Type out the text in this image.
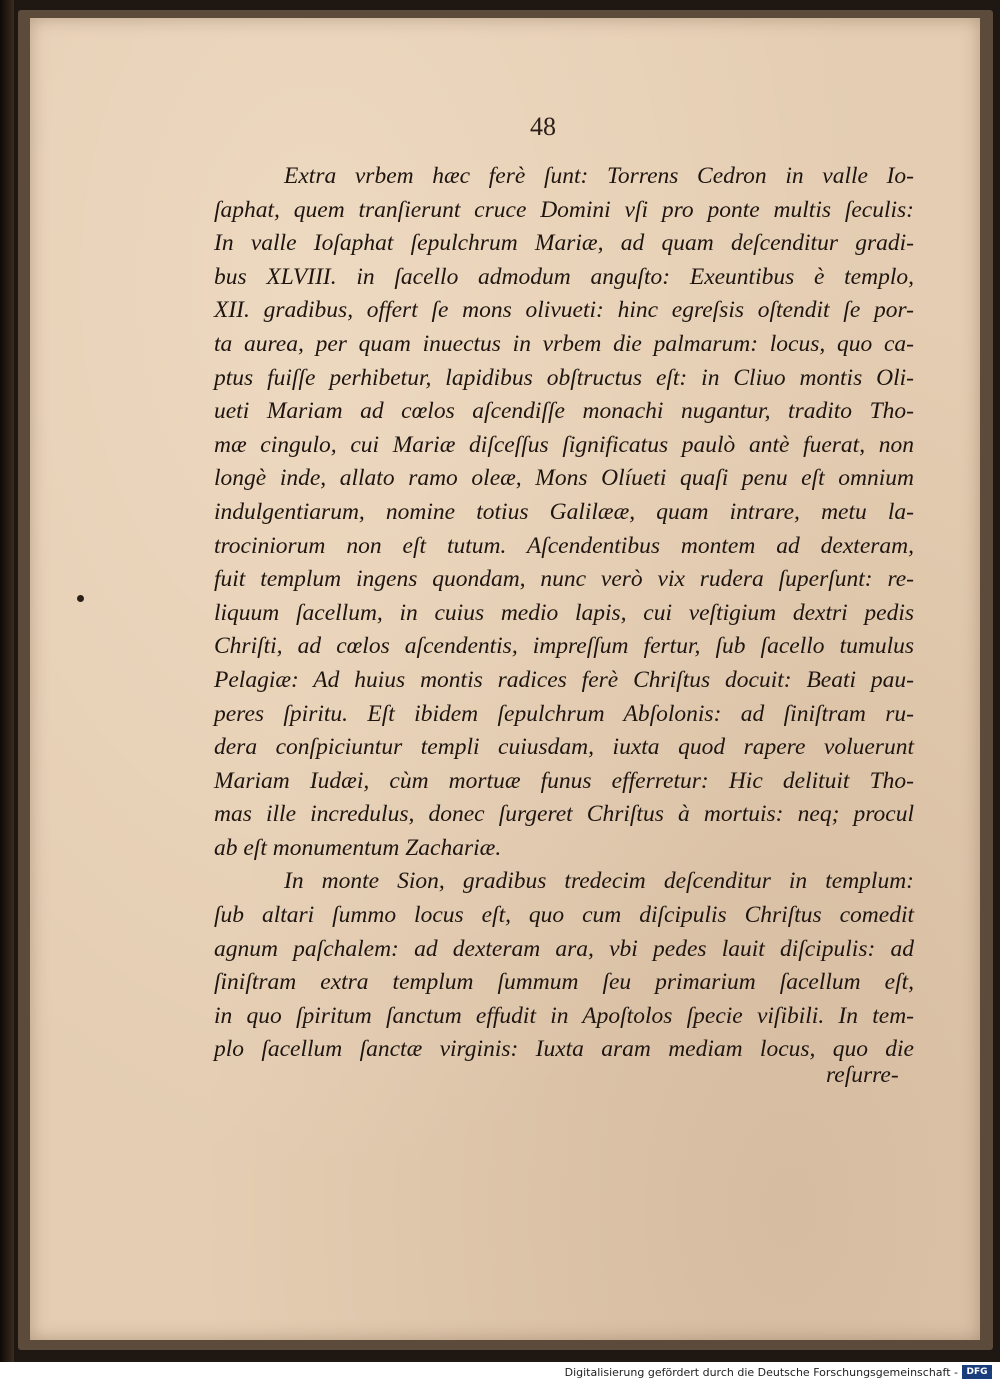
48
Extra vrbem hæc ferè ſunt: Torrens Cedron in valle Io-
ſaphat, quem tranſierunt cruce Domini vſi pro ponte multis ſeculis:
In valle Ioſaphat ſepulchrum Mariæ, ad quam deſcenditur gradi-
bus XLVIII. in ſacello admodum anguſto: Exeuntibus è templo,
XII. gradibus, offert ſe mons olivueti: hinc egreſsis oſtendit ſe por-
ta aurea, per quam inuectus in vrbem die palmarum: locus, quo ca-
ptus fuiſſe perhibetur, lapidibus obſtructus eſt: in Cliuo montis Oli-
ueti Mariam ad cœlos aſcendiſſe monachi nugantur, tradito Tho-
mæ cingulo, cui Mariæ diſceſſus ſignificatus paulò antè fuerat, non
longè inde, allato ramo oleæ, Mons Olíueti quaſi penu eſt omnium
indulgentiarum, nomine totius Galilææ, quam intrare, metu la-
trociniorum non eſt tutum. Aſcendentibus montem ad dexteram,
fuit templum ingens quondam, nunc verò vix rudera ſuperſunt: re-
liquum ſacellum, in cuius medio lapis, cui veſtigium dextri pedis
Chriſti, ad cœlos aſcendentis, impreſſum fertur, ſub ſacello tumulus
Pelagiæ: Ad huius montis radices ferè Chriſtus docuit: Beati pau-
peres ſpiritu. Eſt ibidem ſepulchrum Abſolonis: ad ſiniſtram ru-
dera conſpiciuntur templi cuiusdam, iuxta quod rapere voluerunt
Mariam Iudæi, cùm mortuæ funus efferretur: Hic delituit Tho-
mas ille incredulus, donec ſurgeret Chriſtus à mortuis: neq; procul
ab eſt monumentum Zachariæ.
In monte Sion, gradibus tredecim deſcenditur in templum:
ſub altari ſummo locus eſt, quo cum diſcipulis Chriſtus comedit
agnum paſchalem: ad dexteram ara, vbi pedes lauit diſcipulis: ad
ſiniſtram extra templum ſummum ſeu primarium ſacellum eſt,
in quo ſpiritum ſanctum effudit in Apoſtolos ſpecie viſibili. In tem-
plo ſacellum ſanctæ virginis: Iuxta aram mediam locus, quo die
reſurre-
Digitalisierung gefördert durch die Deutsche Forschungsgemeinschaft - DFG
